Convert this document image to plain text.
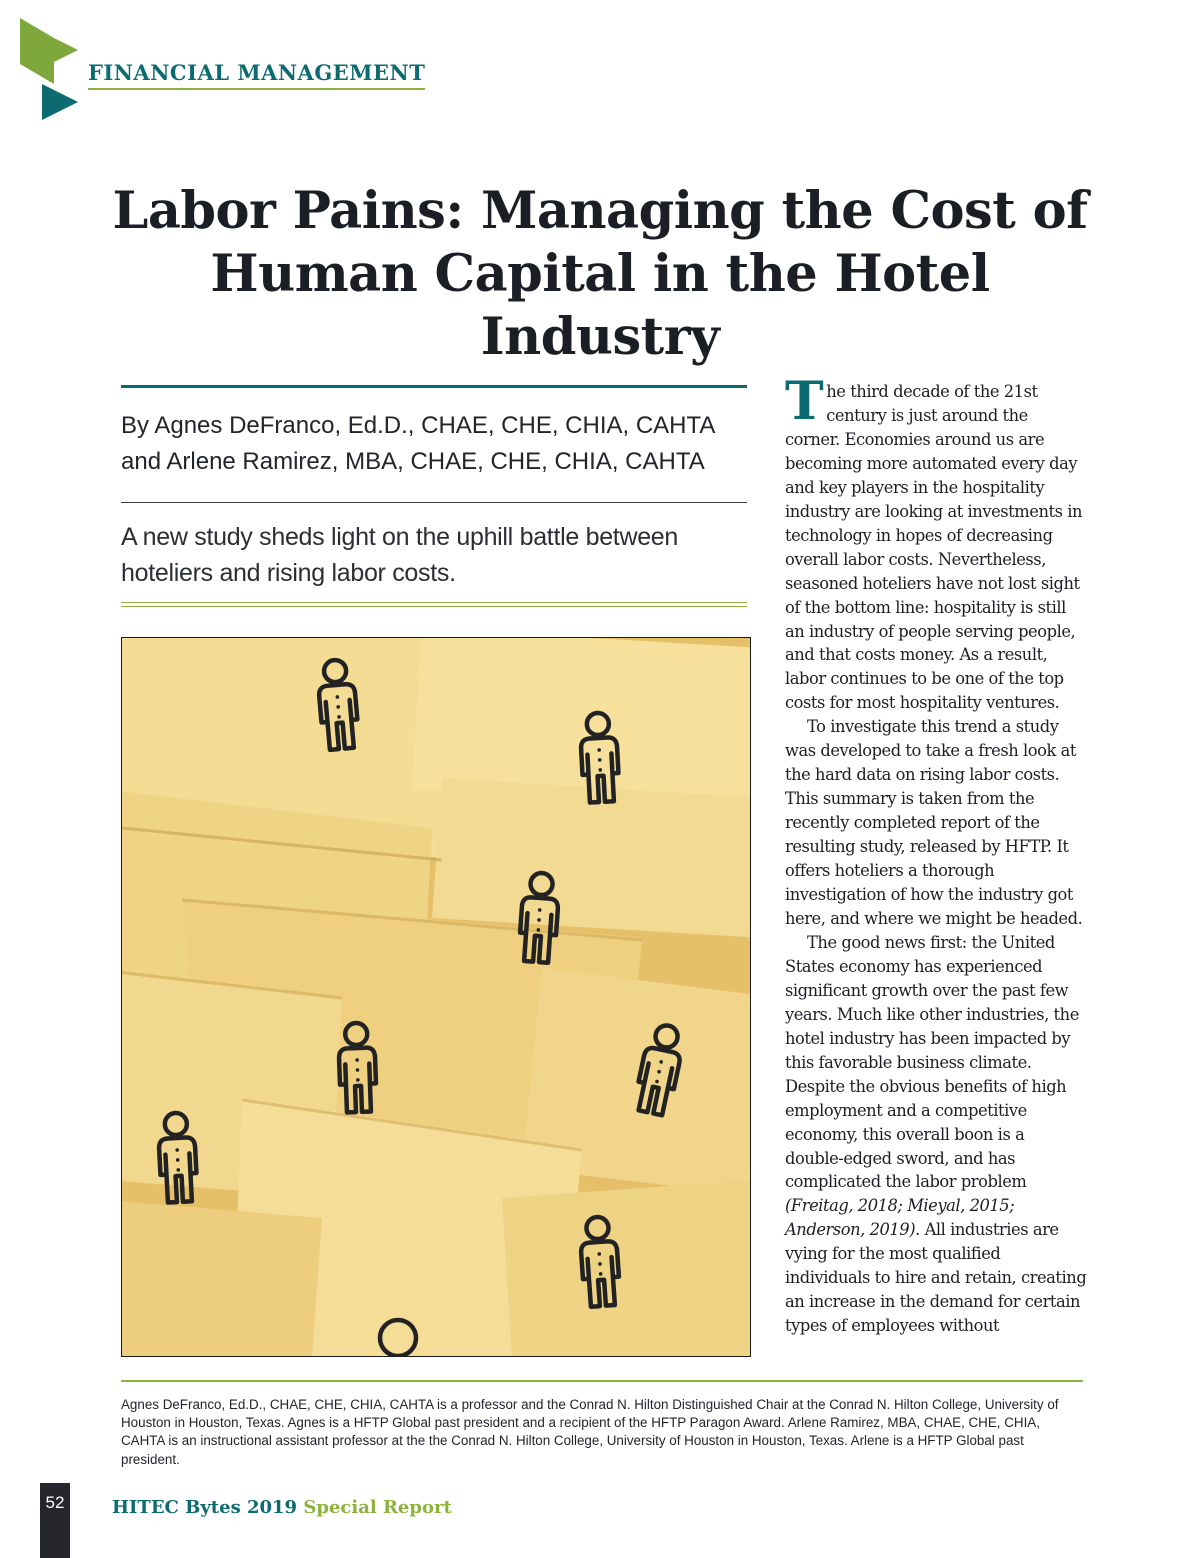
FINANCIAL MANAGEMENT
Labor Pains: Managing the Cost of Human Capital in the Hotel Industry

By Agnes DeFranco, Ed.D., CHAE, CHE, CHIA, CAHTA
and Arlene Ramirez, MBA, CHAE, CHE, CHIA, CAHTA

A new study sheds light on the uphill battle between hoteliers and rising labor costs.

The third decade of the 21st century is just around the corner. Economies around us are becoming more automated every day and key players in the hospitality industry are looking at investments in technology in hopes of decreasing overall labor costs. Nevertheless, seasoned hoteliers have not lost sight of the bottom line: hospitality is still an industry of people serving people, and that costs money. As a result, labor continues to be one of the top costs for most hospitality ventures.

To investigate this trend a study was developed to take a fresh look at the hard data on rising labor costs. This summary is taken from the recently completed report of the resulting study, released by HFTP. It offers hoteliers a thorough investigation of how the industry got here, and where we might be headed.

The good news first: the United States economy has experienced significant growth over the past few years. Much like other industries, the hotel industry has been impacted by this favorable business climate. Despite the obvious benefits of high employment and a competitive economy, this overall boon is a double-edged sword, and has complicated the labor problem (Freitag, 2018; Mieyal, 2015; Anderson, 2019). All industries are vying for the most qualified individuals to hire and retain, creating an increase in the demand for certain types of employees without

Agnes DeFranco, Ed.D., CHAE, CHE, CHIA, CAHTA is a professor and the Conrad N. Hilton Distinguished Chair at the Conrad N. Hilton College, University of Houston in Houston, Texas. Agnes is a HFTP Global past president and a recipient of the HFTP Paragon Award. Arlene Ramirez, MBA, CHAE, CHE, CHIA, CAHTA is an instructional assistant professor at the the Conrad N. Hilton College, University of Houston in Houston, Texas. Arlene is a HFTP Global past president.

52	HITEC Bytes 2019 Special Report
